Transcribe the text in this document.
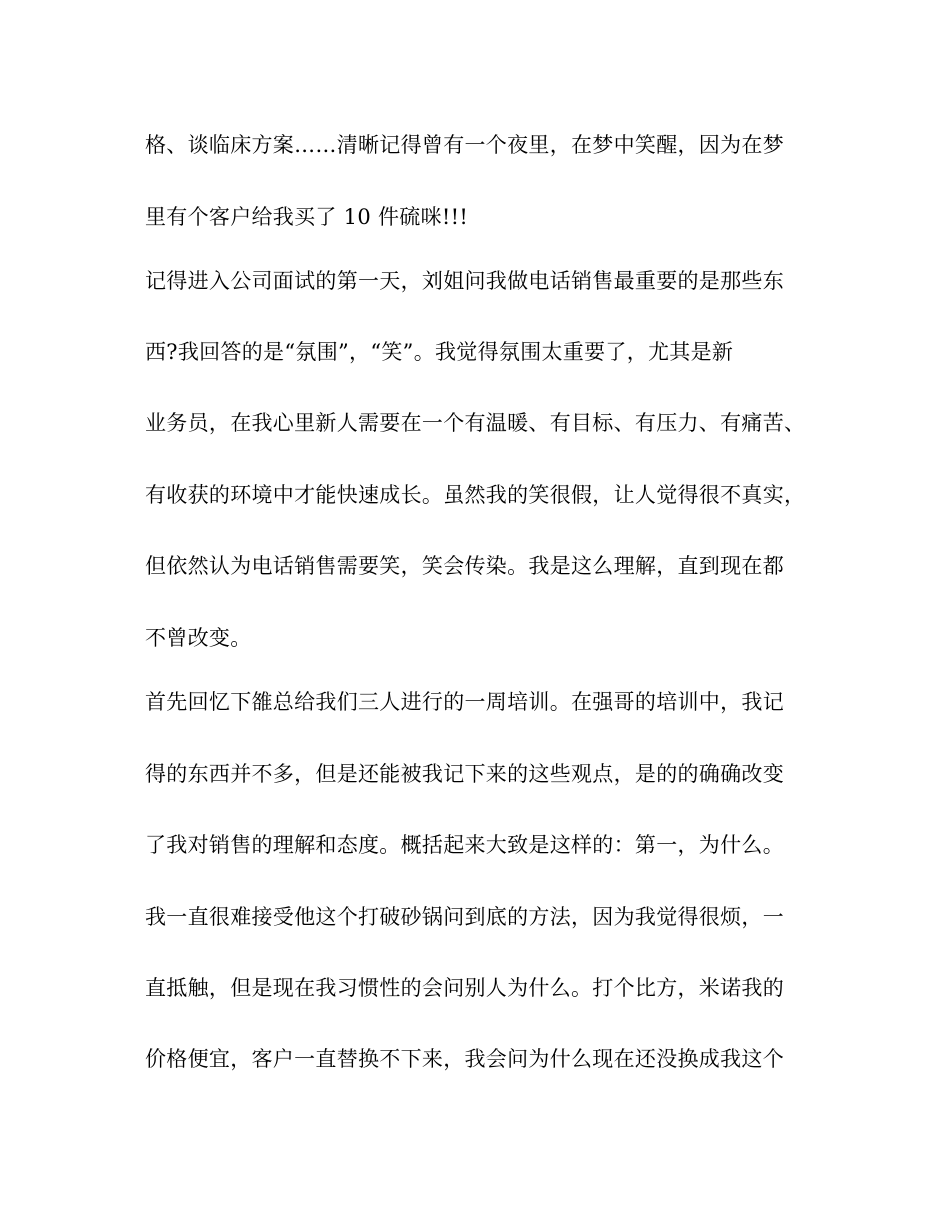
格、谈临床方案……清晰记得曾有一个夜里，在梦中笑醒，因为在梦
里有个客户给我买了 10 件硫咪!!!
记得进入公司面试的第一天，刘姐问我做电话销售最重要的是那些东
西?我回答的是“氛围”，“笑”。我觉得氛围太重要了，尤其是新
业务员，在我心里新人需要在一个有温暖、有目标、有压力、有痛苦、
有收获的环境中才能快速成长。虽然我的笑很假，让人觉得很不真实，
但依然认为电话销售需要笑，笑会传染。我是这么理解，直到现在都
不曾改变。
首先回忆下雒总给我们三人进行的一周培训。在强哥的培训中，我记
得的东西并不多，但是还能被我记下来的这些观点，是的的确确改变
了我对销售的理解和态度。概括起来大致是这样的：第一，为什么。
我一直很难接受他这个打破砂锅问到底的方法，因为我觉得很烦，一
直抵触，但是现在我习惯性的会问别人为什么。打个比方，米诺我的
价格便宜，客户一直替换不下来，我会问为什么现在还没换成我这个
